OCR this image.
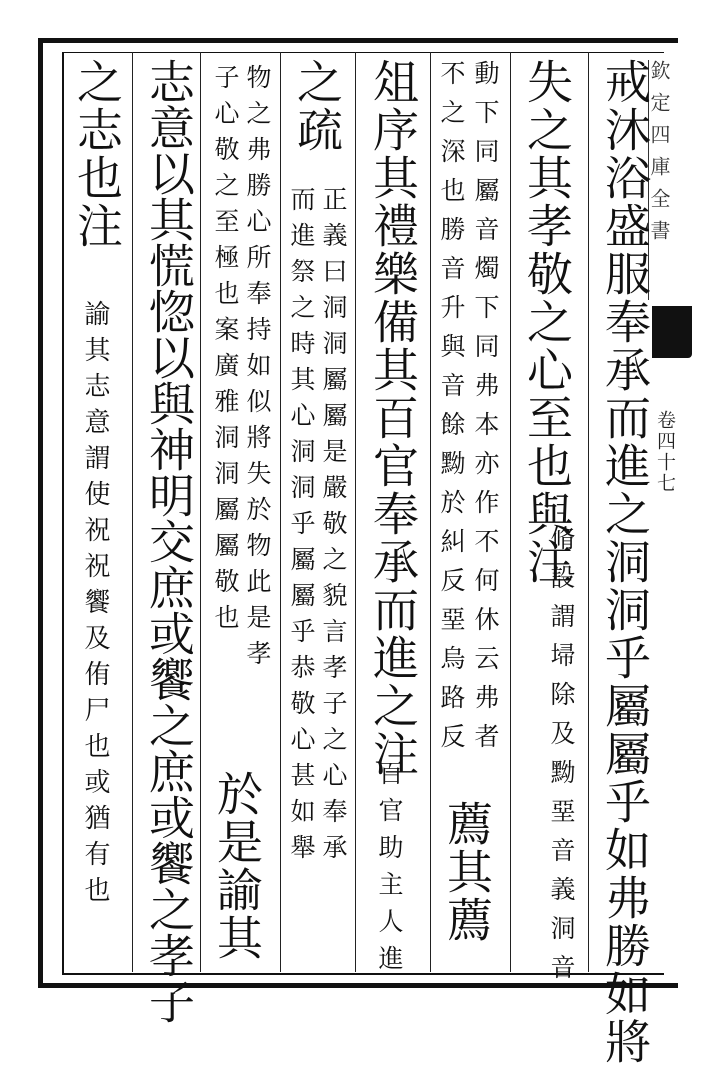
欽定四庫全書
卷四十七
戒沐浴盛服奉承而進之洞洞乎屬屬乎如弗勝如將
失之其孝敬之心至也與注
脩設謂埽除及黝堊音義洞音
動下同屬音燭下同弗本亦作不何休云弗者
薦其薦
不之深也勝音升與音餘黝於糾反堊烏路反
俎序其禮樂備其百官奉承而進之注
百官助主人進
之疏
正義曰洞洞屬屬是嚴敬之貌言孝子之心奉承
而進祭之時其心洞洞乎屬屬乎恭敬心甚如舉
物之弗勝心所奉持如似將失於物此是孝
子心敬之至極也案廣雅洞洞屬屬敬也
於是諭其
志意以其慌惚以與神明交庶或饗之庶或饗之孝子
之志也注
諭其志意謂使祝祝饗及侑尸也或猶有也
